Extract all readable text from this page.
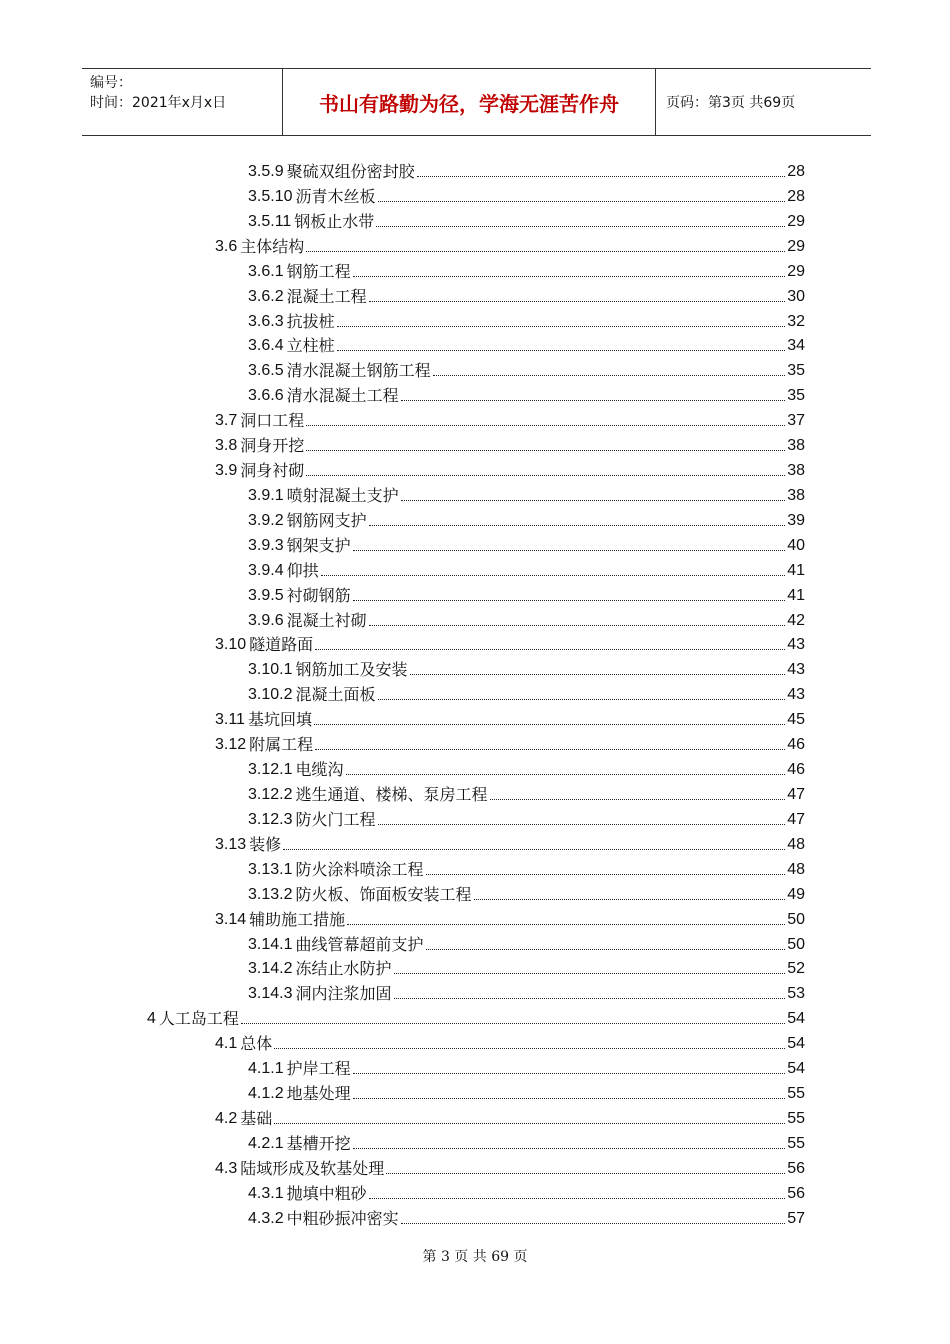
编号：
时间：2021年x月x日	书山有路勤为径，学海无涯苦作舟	页码：第3页 共69页
3.5.9 聚硫双组份密封胶	28
3.5.10 沥青木丝板	28
3.5.11 钢板止水带	29
3.6 主体结构	29
3.6.1 钢筋工程	29
3.6.2 混凝土工程	30
3.6.3 抗拔桩	32
3.6.4 立柱桩	34
3.6.5 清水混凝土钢筋工程	35
3.6.6 清水混凝土工程	35
3.7 洞口工程	37
3.8 洞身开挖	38
3.9 洞身衬砌	38
3.9.1 喷射混凝土支护	38
3.9.2 钢筋网支护	39
3.9.3 钢架支护	40
3.9.4 仰拱	41
3.9.5 衬砌钢筋	41
3.9.6 混凝土衬砌	42
3.10 隧道路面	43
3.10.1 钢筋加工及安装	43
3.10.2 混凝土面板	43
3.11 基坑回填	45
3.12 附属工程	46
3.12.1 电缆沟	46
3.12.2 逃生通道、楼梯、泵房工程	47
3.12.3 防火门工程	47
3.13 装修	48
3.13.1 防火涂料喷涂工程	48
3.13.2 防火板、饰面板安装工程	49
3.14 辅助施工措施	50
3.14.1 曲线管幕超前支护	50
3.14.2 冻结止水防护	52
3.14.3 洞内注浆加固	53
4 人工岛工程	54
4.1 总体	54
4.1.1 护岸工程	54
4.1.2 地基处理	55
4.2 基础	55
4.2.1 基槽开挖	55
4.3 陆域形成及软基处理	56
4.3.1 抛填中粗砂	56
4.3.2 中粗砂振冲密实	57
第 3 页 共 69 页
